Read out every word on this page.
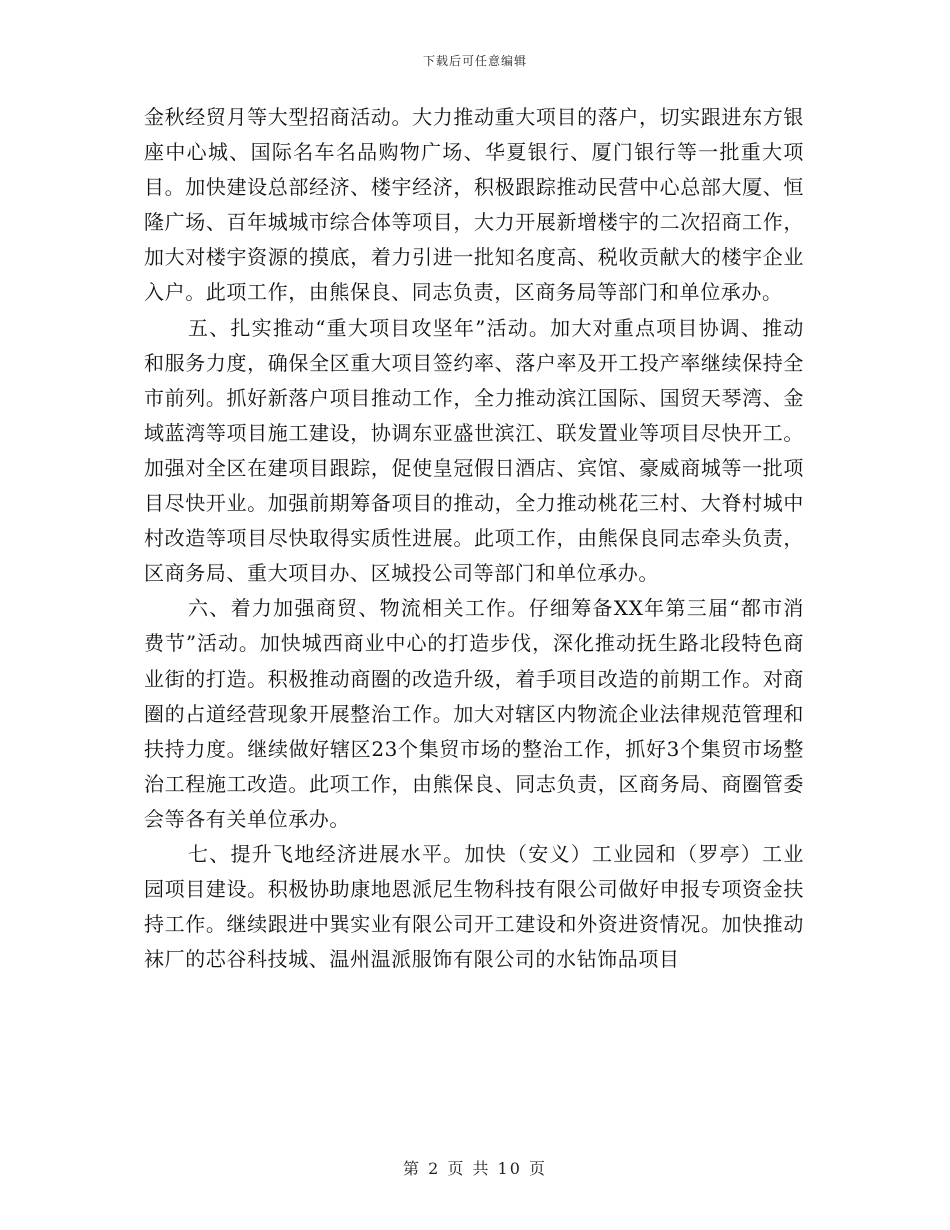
下载后可任意编辑

金秋经贸月等大型招商活动。大力推动重大项目的落户，切实跟进东方银座中心城、国际名车名品购物广场、华夏银行、厦门银行等一批重大项目。加快建设总部经济、楼宇经济，积极跟踪推动民营中心总部大厦、恒隆广场、百年城城市综合体等项目，大力开展新增楼宇的二次招商工作，加大对楼宇资源的摸底，着力引进一批知名度高、税收贡献大的楼宇企业入户。此项工作，由熊保良、同志负责，区商务局等部门和单位承办。

五、扎实推动“重大项目攻坚年”活动。加大对重点项目协调、推动和服务力度，确保全区重大项目签约率、落户率及开工投产率继续保持全市前列。抓好新落户项目推动工作，全力推动滨江国际、国贸天琴湾、金域蓝湾等项目施工建设，协调东亚盛世滨江、联发置业等项目尽快开工。加强对全区在建项目跟踪，促使皇冠假日酒店、宾馆、豪威商城等一批项目尽快开业。加强前期筹备项目的推动，全力推动桃花三村、大脊村城中村改造等项目尽快取得实质性进展。此项工作，由熊保良同志牵头负责，区商务局、重大项目办、区城投公司等部门和单位承办。

六、着力加强商贸、物流相关工作。仔细筹备XX年第三届“都市消费节”活动。加快城西商业中心的打造步伐，深化推动抚生路北段特色商业街的打造。积极推动商圈的改造升级，着手项目改造的前期工作。对商圈的占道经营现象开展整治工作。加大对辖区内物流企业法律规范管理和扶持力度。继续做好辖区23个集贸市场的整治工作，抓好3个集贸市场整治工程施工改造。此项工作，由熊保良、同志负责，区商务局、商圈管委会等各有关单位承办。

七、提升飞地经济进展水平。加快（安义）工业园和（罗亭）工业园项目建设。积极协助康地恩派尼生物科技有限公司做好申报专项资金扶持工作。继续跟进中巽实业有限公司开工建设和外资进资情况。加快推动袜厂的芯谷科技城、温州温派服饰有限公司的水钻饰品项目

第 2 页 共 10 页
